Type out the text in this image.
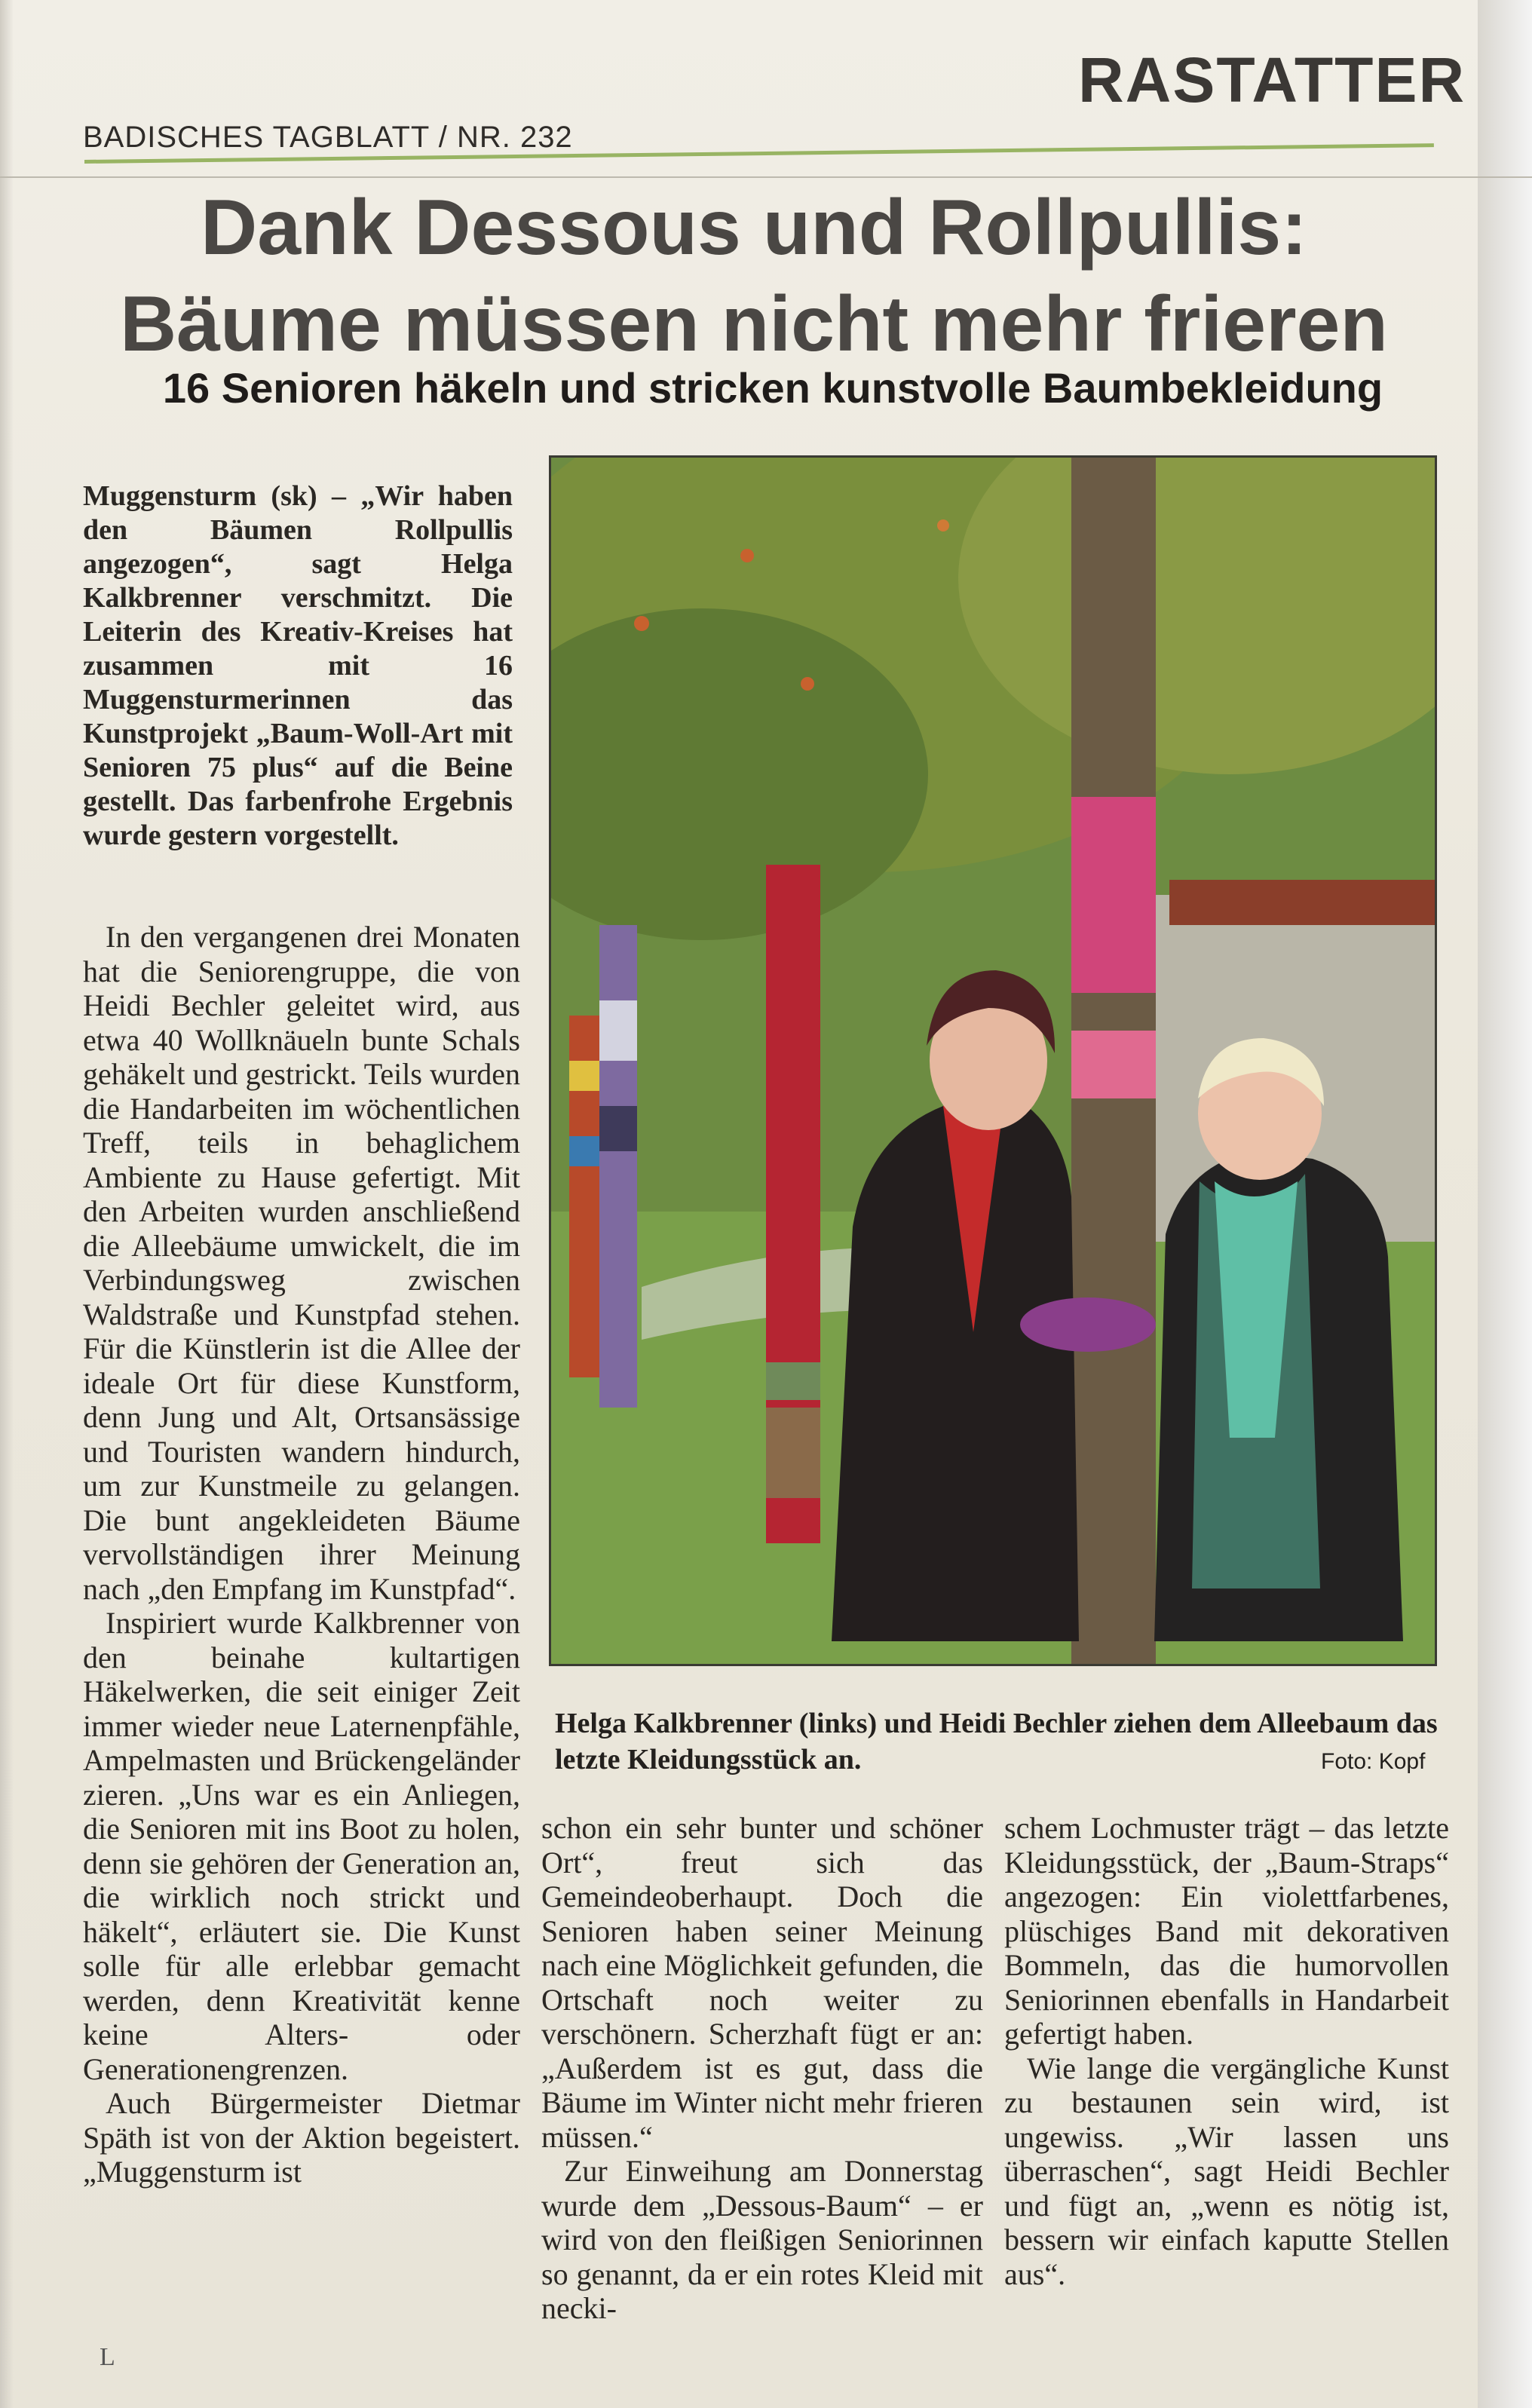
RASTATTER
BADISCHES TAGBLATT / NR. 232
Dank Dessous und Rollpullis:
Bäume müssen nicht mehr frieren
16 Senioren häkeln und stricken kunstvolle Baumbekleidung

Muggensturm (sk) – „Wir haben den Bäumen Rollpullis angezogen“, sagt Helga Kalkbrenner verschmitzt. Die Leiterin des Kreativ-Kreises hat zusammen mit 16 Muggensturmerinnen das Kunstprojekt „Baum-Woll-Art mit Senioren 75 plus“ auf die Beine gestellt. Das farbenfrohe Ergebnis wurde gestern vorgestellt.

In den vergangenen drei Monaten hat die Seniorengruppe, die von Heidi Bechler geleitet wird, aus etwa 40 Wollknäueln bunte Schals gehäkelt und gestrickt. Teils wurden die Handarbeiten im wöchentlichen Treff, teils in behaglichem Ambiente zu Hause gefertigt. Mit den Arbeiten wurden anschließend die Alleebäume umwickelt, die im Verbindungsweg zwischen Waldstraße und Kunstpfad stehen. Für die Künstlerin ist die Allee der ideale Ort für diese Kunstform, denn Jung und Alt, Ortsansässige und Touristen wandern hindurch, um zur Kunstmeile zu gelangen. Die bunt angekleideten Bäume vervollständigen ihrer Meinung nach „den Empfang im Kunstpfad“.

Inspiriert wurde Kalkbrenner von den beinahe kultartigen Häkelwerken, die seit einiger Zeit immer wieder neue Laternenpfähle, Ampelmasten und Brückengeländer zieren. „Uns war es ein Anliegen, die Senioren mit ins Boot zu holen, denn sie gehören der Generation an, die wirklich noch strickt und häkelt“, erläutert sie. Die Kunst solle für alle erlebbar gemacht werden, denn Kreativität kenne keine Alters- oder Generationengrenzen.

Auch Bürgermeister Dietmar Späth ist von der Aktion begeistert. „Muggensturm ist

Helga Kalkbrenner (links) und Heidi Bechler ziehen dem Alleebaum das letzte Kleidungsstück an.	Foto: Kopf

schon ein sehr bunter und schöner Ort“, freut sich das Gemeindeoberhaupt. Doch die Senioren haben seiner Meinung nach eine Möglichkeit gefunden, die Ortschaft noch weiter zu verschönern. Scherzhaft fügt er an: „Außerdem ist es gut, dass die Bäume im Winter nicht mehr frieren müssen.“

Zur Einweihung am Donnerstag wurde dem „Dessous-Baum“ – er wird von den fleißigen Seniorinnen so genannt, da er ein rotes Kleid mit necki-

schem Lochmuster trägt – das letzte Kleidungsstück, der „Baum-Straps“ angezogen: Ein violettfarbenes, plüschiges Band mit dekorativen Bommeln, das die humorvollen Seniorinnen ebenfalls in Handarbeit gefertigt haben.

Wie lange die vergängliche Kunst zu bestaunen sein wird, ist ungewiss. „Wir lassen uns überraschen“, sagt Heidi Bechler und fügt an, „wenn es nötig ist, bessern wir einfach kaputte Stellen aus“.

L
